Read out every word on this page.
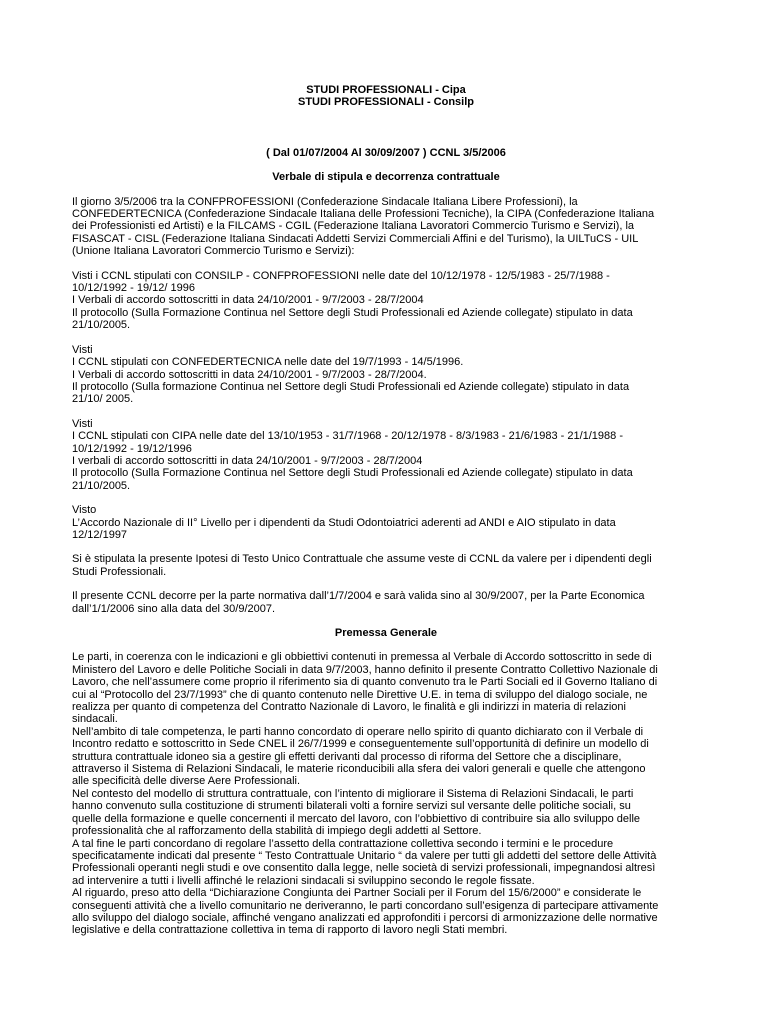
STUDI PROFESSIONALI - Cipa
STUDI PROFESSIONALI - Consilp
( Dal 01/07/2004 Al 30/09/2007 ) CCNL 3/5/2006
Verbale di stipula e decorrenza contrattuale
Il giorno 3/5/2006 tra la CONFPROFESSIONI (Confederazione Sindacale Italiana Libere Professioni), la
CONFEDERTECNICA (Confederazione Sindacale Italiana delle Professioni Tecniche), la CIPA (Confederazione Italiana
dei Professionisti ed Artisti) e la FILCAMS - CGIL (Federazione Italiana Lavoratori Commercio Turismo e Servizi), la
FISASCAT - CISL (Federazione Italiana Sindacati Addetti Servizi Commerciali Affini e del Turismo), la UILTuCS - UIL
(Unione Italiana Lavoratori Commercio Turismo e Servizi):
Visti i CCNL stipulati con CONSILP - CONFPROFESSIONI nelle date del 10/12/1978 - 12/5/1983 - 25/7/1988 -
10/12/1992 - 19/12/ 1996
I Verbali di accordo sottoscritti in data 24/10/2001 - 9/7/2003 - 28/7/2004
Il protocollo (Sulla Formazione Continua nel Settore degli Studi Professionali ed Aziende collegate) stipulato in data
21/10/2005.
Visti
I CCNL stipulati con CONFEDERTECNICA nelle date del 19/7/1993 - 14/5/1996.
I Verbali di accordo sottoscritti in data 24/10/2001 - 9/7/2003 - 28/7/2004.
Il protocollo (Sulla formazione Continua nel Settore degli Studi Professionali ed Aziende collegate) stipulato in data
21/10/ 2005.
Visti
I CCNL stipulati con CIPA nelle date del 13/10/1953 - 31/7/1968 - 20/12/1978 - 8/3/1983 - 21/6/1983 - 21/1/1988 -
10/12/1992 - 19/12/1996
I verbali di accordo sottoscritti in data 24/10/2001 - 9/7/2003 - 28/7/2004
Il protocollo (Sulla Formazione Continua nel Settore degli Studi Professionali ed Aziende collegate) stipulato in data
21/10/2005.
Visto
L’Accordo Nazionale di II° Livello per i dipendenti da Studi Odontoiatrici aderenti ad ANDI e AIO stipulato in data
12/12/1997
Si è stipulata la presente Ipotesi di Testo Unico Contrattuale che assume veste di CCNL da valere per i dipendenti degli
Studi Professionali.
Il presente CCNL decorre per la parte normativa dall’1/7/2004 e sarà valida sino al 30/9/2007, per la Parte Economica
dall’1/1/2006 sino alla data del 30/9/2007.
Premessa Generale
Le parti, in coerenza con le indicazioni e gli obbiettivi contenuti in premessa al Verbale di Accordo sottoscritto in sede di
Ministero del Lavoro e delle Politiche Sociali in data 9/7/2003, hanno definito il presente Contratto Collettivo Nazionale di
Lavoro, che nell’assumere come proprio il riferimento sia di quanto convenuto tra le Parti Sociali ed il Governo Italiano di
cui al “Protocollo del 23/7/1993” che di quanto contenuto nelle Direttive U.E. in tema di sviluppo del dialogo sociale, ne
realizza per quanto di competenza del Contratto Nazionale di Lavoro, le finalità e gli indirizzi in materia di relazioni
sindacali.
Nell’ambito di tale competenza, le parti hanno concordato di operare nello spirito di quanto dichiarato con il Verbale di
Incontro redatto e sottoscritto in Sede CNEL il 26/7/1999 e conseguentemente sull’opportunità di definire un modello di
struttura contrattuale idoneo sia a gestire gli effetti derivanti dal processo di riforma del Settore che a disciplinare,
attraverso il Sistema di Relazioni Sindacali, le materie riconducibili alla sfera dei valori generali e quelle che attengono
alle specificità delle diverse Aere Professionali.
Nel contesto del modello di struttura contrattuale, con l’intento di migliorare il Sistema di Relazioni Sindacali, le parti
hanno convenuto sulla costituzione di strumenti bilaterali volti a fornire servizi sul versante delle politiche sociali, su
quelle della formazione e quelle concernenti il mercato del lavoro, con l’obbiettivo di contribuire sia allo sviluppo delle
professionalità che al rafforzamento della stabilità di impiego degli addetti al Settore.
A tal fine le parti concordano di regolare l’assetto della contrattazione collettiva secondo i termini e le procedure
specificatamente indicati dal presente “ Testo Contrattuale Unitario “ da valere per tutti gli addetti del settore delle Attività
Professionali operanti negli studi e ove consentito dalla legge, nelle società di servizi professionali, impegnandosi altresì
ad intervenire a tutti i livelli affinché le relazioni sindacali si sviluppino secondo le regole fissate.
Al riguardo, preso atto della “Dichiarazione Congiunta dei Partner Sociali per il Forum del 15/6/2000” e considerate le
conseguenti attività che a livello comunitario ne deriveranno, le parti concordano sull’esigenza di partecipare attivamente
allo sviluppo del dialogo sociale, affinché vengano analizzati ed approfonditi i percorsi di armonizzazione delle normative
legislative e della contrattazione collettiva in tema di rapporto di lavoro negli Stati membri.
